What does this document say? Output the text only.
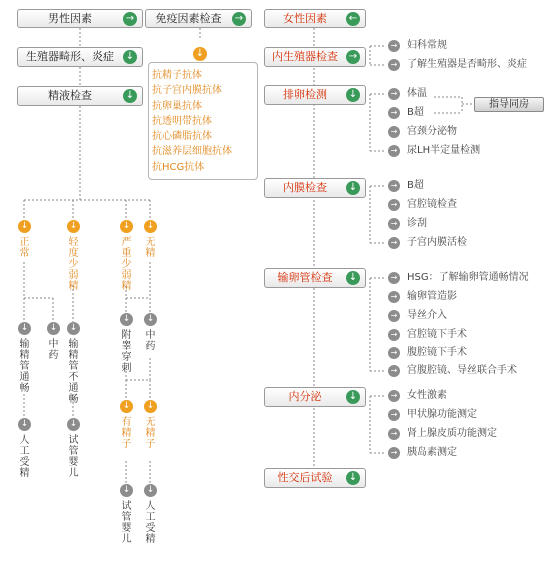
男性因素	→	免疫因素检查	→	女性因素	←
生殖器畸形、炎症	↓
精液检查	↓
↓
抗精子抗体
抗子宫内膜抗体
抗卵巢抗体
抗透明带抗体
抗心磷脂抗体
抗滋养层细胞抗体
抗HCG抗体
内生殖器检查	→
排卵检测	↓
内膜检查	↓
输卵管检查	↓
内分泌	↓
性交后试验	↓
→ 妇科常规
→ 了解生殖器是否畸形、炎症
→ 体温
→ B超
→ 宫颈分泌物
→ 尿LH半定量检测
→ B超
→ 宫腔镜检查
→ 诊刮
→ 子宫内膜活检
→ HSG：了解输卵管通畅情况
→ 输卵管造影
→ 导丝介入
→ 宫腔镜下手术
→ 腹腔镜下手术
→ 宫腹腔镜、导丝联合手术
→ 女性激素
→ 甲状腺功能测定
→ 肾上腺皮质功能测定
→ 胰岛素测定
指导同房
↓	↓	↓	↓
正常
轻度少弱精
严重少弱精
无精
↓	↓	↓
输精管通畅
中药
输精管不通畅
↓	↓
人工受精
试管婴儿
↓	↓
附睾穿刺
中药
↓	↓
有精子
无精子
↓	↓
试管婴儿
人工受精
